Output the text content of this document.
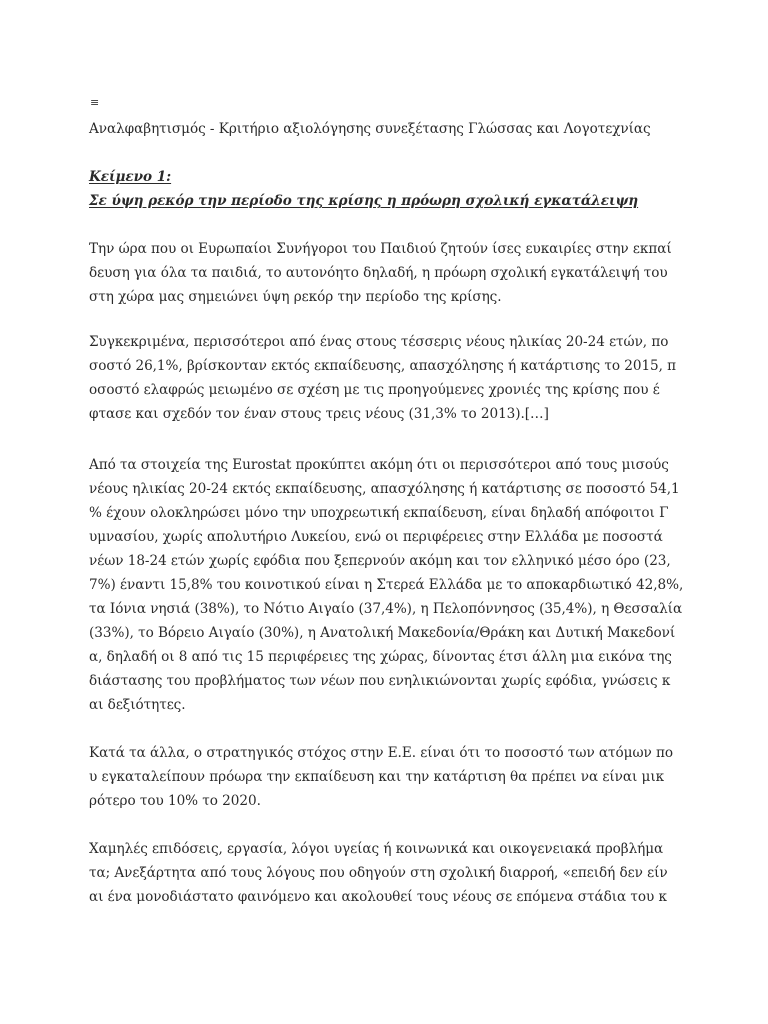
≡
Αναλφαβητισμός - Κριτήριο αξιολόγησης συνεξέτασης Γλώσσας και Λογοτεχνίας
Κείμενο 1:
Σε ύψη ρεκόρ την περίοδο της κρίσης η πρόωρη σχολική εγκατάλειψη
Την ώρα που οι Ευρωπαίοι Συνήγοροι του Παιδιού ζητούν ίσες ευκαιρίες στην εκπαί
δευση για όλα τα παιδιά, το αυτονόητο δηλαδή, η πρόωρη σχολική εγκατάλειψή του
στη χώρα μας σημειώνει ύψη ρεκόρ την περίοδο της κρίσης.
Συγκεκριμένα, περισσότεροι από ένας στους τέσσερις νέους ηλικίας 20-24 ετών, πο
σοστό 26,1%, βρίσκονταν εκτός εκπαίδευσης, απασχόλησης ή κατάρτισης το 2015, π
οσοστό ελαφρώς μειωμένο σε σχέση με τις προηγούμενες χρονιές της κρίσης που έ
φτασε και σχεδόν τον έναν στους τρεις νέους (31,3% το 2013).[…]
Από τα στοιχεία της Eurostat προκύπτει ακόμη ότι οι περισσότεροι από τους μισούς
νέους ηλικίας 20-24 εκτός εκπαίδευσης, απασχόλησης ή κατάρτισης σε ποσοστό 54,1
% έχουν ολοκληρώσει μόνο την υποχρεωτική εκπαίδευση, είναι δηλαδή απόφοιτοι Γ
υμνασίου, χωρίς απολυτήριο Λυκείου, ενώ οι περιφέρειες στην Ελλάδα με ποσοστά
νέων 18-24 ετών χωρίς εφόδια που ξεπερνούν ακόμη και τον ελληνικό μέσο όρο (23,
7%) έναντι 15,8% του κοινοτικού είναι η Στερεά Ελλάδα με το αποκαρδιωτικό 42,8%,
τα Ιόνια νησιά (38%), το Νότιο Αιγαίο (37,4%), η Πελοπόννησος (35,4%), η Θεσσαλία
(33%), το Βόρειο Αιγαίο (30%), η Ανατολική Μακεδονία/Θράκη και Δυτική Μακεδονί
α, δηλαδή οι 8 από τις 15 περιφέρειες της χώρας, δίνοντας έτσι άλλη μια εικόνα της
διάστασης του προβλήματος των νέων που ενηλικιώνονται χωρίς εφόδια, γνώσεις κ
αι δεξιότητες.
Κατά τα άλλα, ο στρατηγικός στόχος στην Ε.Ε. είναι ότι το ποσοστό των ατόμων πο
υ εγκαταλείπουν πρόωρα την εκπαίδευση και την κατάρτιση θα πρέπει να είναι μικ
ρότερο του 10% το 2020.
Χαμηλές επιδόσεις, εργασία, λόγοι υγείας ή κοινωνικά και οικογενειακά προβλήμα
τα; Ανεξάρτητα από τους λόγους που οδηγούν στη σχολική διαρροή, «επειδή δεν είν
αι ένα μονοδιάστατο φαινόμενο και ακολουθεί τους νέους σε επόμενα στάδια του κ
